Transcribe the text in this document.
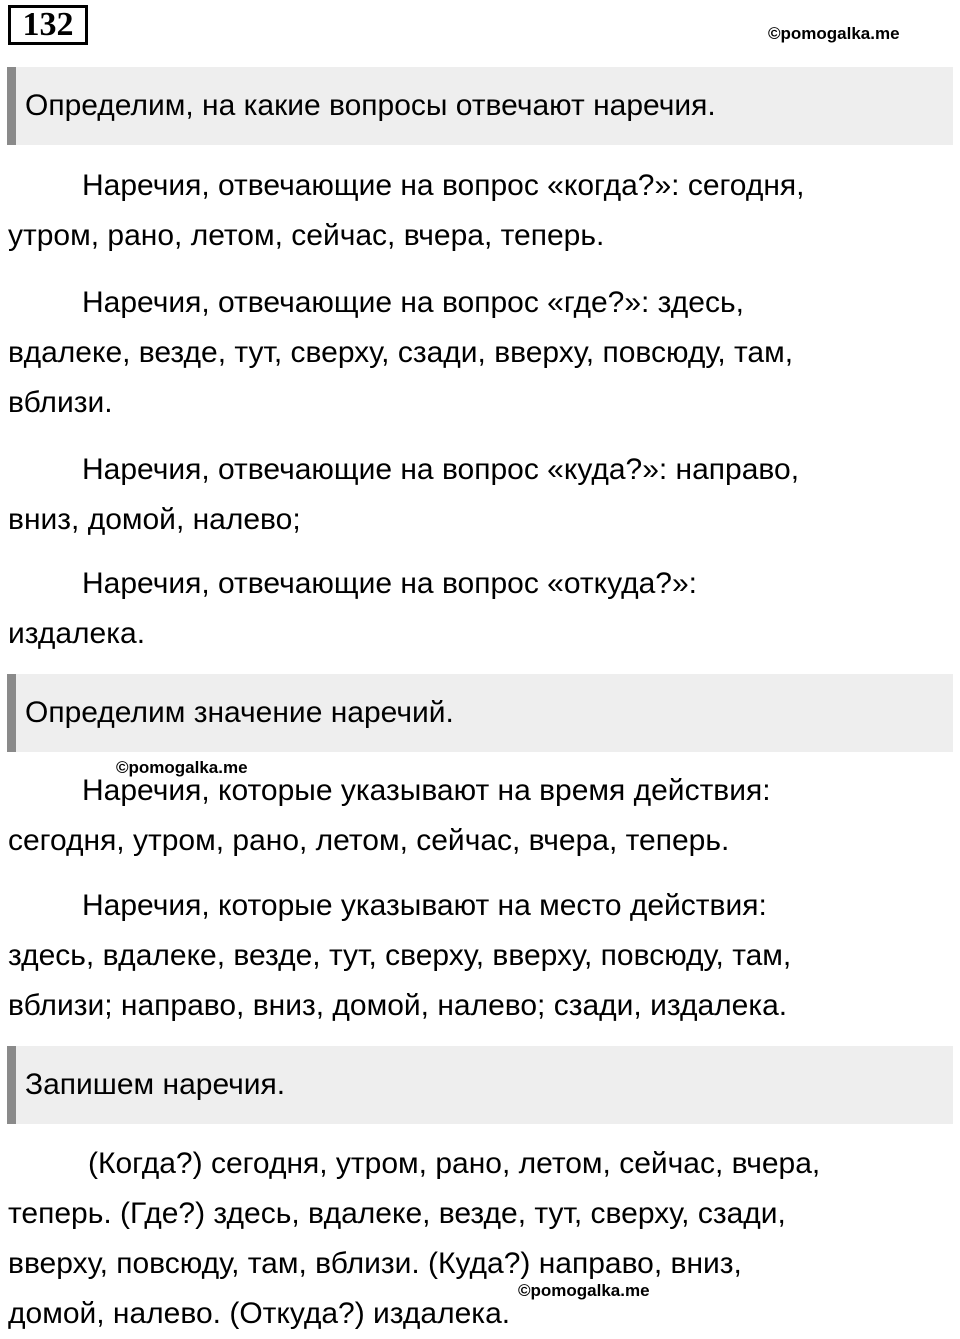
132	©pomogalka.me
Определим, на какие вопросы отвечают наречия.

Наречия, отвечающие на вопрос «когда?»: сегодня,
утром, рано, летом, сейчас, вчера, теперь.

Наречия, отвечающие на вопрос «где?»: здесь,
вдалеке, везде, тут, сверху, сзади, вверху, повсюду, там,
вблизи.

Наречия, отвечающие на вопрос «куда?»: направо,
вниз, домой, налево;

Наречия, отвечающие на вопрос «откуда?»:
издалека.

Определим значение наречий.
©pomogalka.me

Наречия, которые указывают на время действия:
сегодня, утром, рано, летом, сейчас, вчера, теперь.

Наречия, которые указывают на место действия:
здесь, вдалеке, везде, тут, сверху, вверху, повсюду, там,
вблизи; направо, вниз, домой, налево; сзади, издалека.

Запишем наречия.

(Когда?) сегодня, утром, рано, летом, сейчас, вчера,
теперь. (Где?) здесь, вдалеке, везде, тут, сверху, сзади,
вверху, повсюду, там, вблизи. (Куда?) направо, вниз,
домой, налево. (Откуда?) издалека.

©pomogalka.me
